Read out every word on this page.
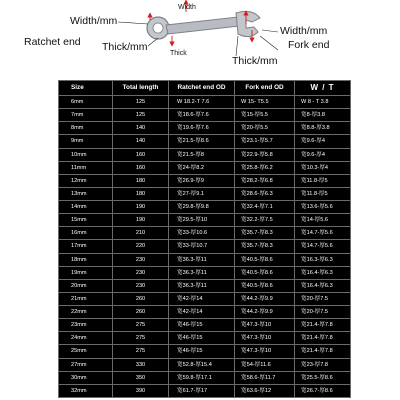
Width
Width/mm
Ratchet end Thick/mm
Thick
Width/mm
Fork end
Thick/mm
Size	Total length	Ratchet end OD	Fork end OD	W / T
6mm	125	W 18.2-T 7.6	W 15- T5.5	W 8 - T 3.8
7mm	125	宽18.6-厚7.6	宽15-厚5.5	宽8-厚3.8
8mm	140	宽19.6-厚7.6	宽20-厚5.5	宽8.8-厚3.8
9mm	140	宽21.5-厚8.6	宽23.1-厚5.7	宽9.6-厚4
10mm	160	宽21.5-厚8	宽22.9-厚5.8	宽9.6-厚4
11mm	160	宽24-厚8.2	宽25.8-厚6.2	宽10.3-厚4
12mm	180	宽26.9-厚9	宽28.2-厚6.8	宽11.8-厚5
13mm	180	宽27-厚9.1	宽28.6-厚6.3	宽11.8-厚5
14mm	190	宽29.8-厚9.8	宽32.4-厚7.1	宽13.6-厚5.6
15mm	190	宽29.5-厚10	宽32.2-厚7.5	宽14-厚5.6
16mm	210	宽33-厚10.6	宽35.7-厚8.3	宽14.7-厚5.6
17mm	220	宽33-厚10.7	宽35.7-厚8.3	宽14.7-厚5.6
18mm	230	宽36.3-厚11	宽40.5-厚8.6	宽16.3-厚6.3
19mm	230	宽36.3-厚11	宽40.5-厚8.6	宽16.4-厚6.3
20mm	230	宽36.3-厚11	宽40.5-厚8.6	宽16.4-厚6.3
21mm	260	宽42-厚14	宽44.2-厚9.9	宽20-厚7.5
22mm	260	宽42-厚14	宽44.2-厚9.9	宽20-厚7.5
23mm	275	宽46-厚15	宽47.3-厚10	宽21.4-厚7.8
24mm	275	宽46-厚15	宽47.3-厚10	宽21.4-厚7.8
25mm	275	宽46-厚15	宽47.3-厚10	宽21.4-厚7.8
27mm	330	宽52.8-厚15.4	宽54-厚11.6	宽23-厚7.8
30mm	350	宽59.8-厚17.1	宽58.6-厚11.7	宽25.5-厚8.6
32mm	390	宽61.7-厚17	宽63.6-厚12	宽26.7-厚8.6
